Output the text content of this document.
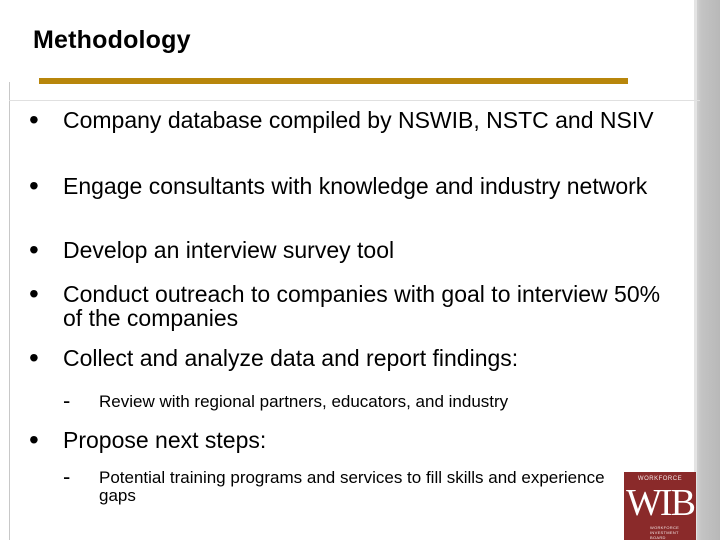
Methodology
• Company database compiled by NSWIB, NSTC and NSIV
• Engage consultants with knowledge and industry network
• Develop an interview survey tool
• Conduct outreach to companies with goal to interview 50% of the companies
• Collect and analyze data and report findings:
- Review with regional partners, educators, and industry
• Propose next steps:
- Potential training programs and services to fill skills and experience gaps
WORKFORCE
WIB
WORKFORCE INVESTMENT BOARD
